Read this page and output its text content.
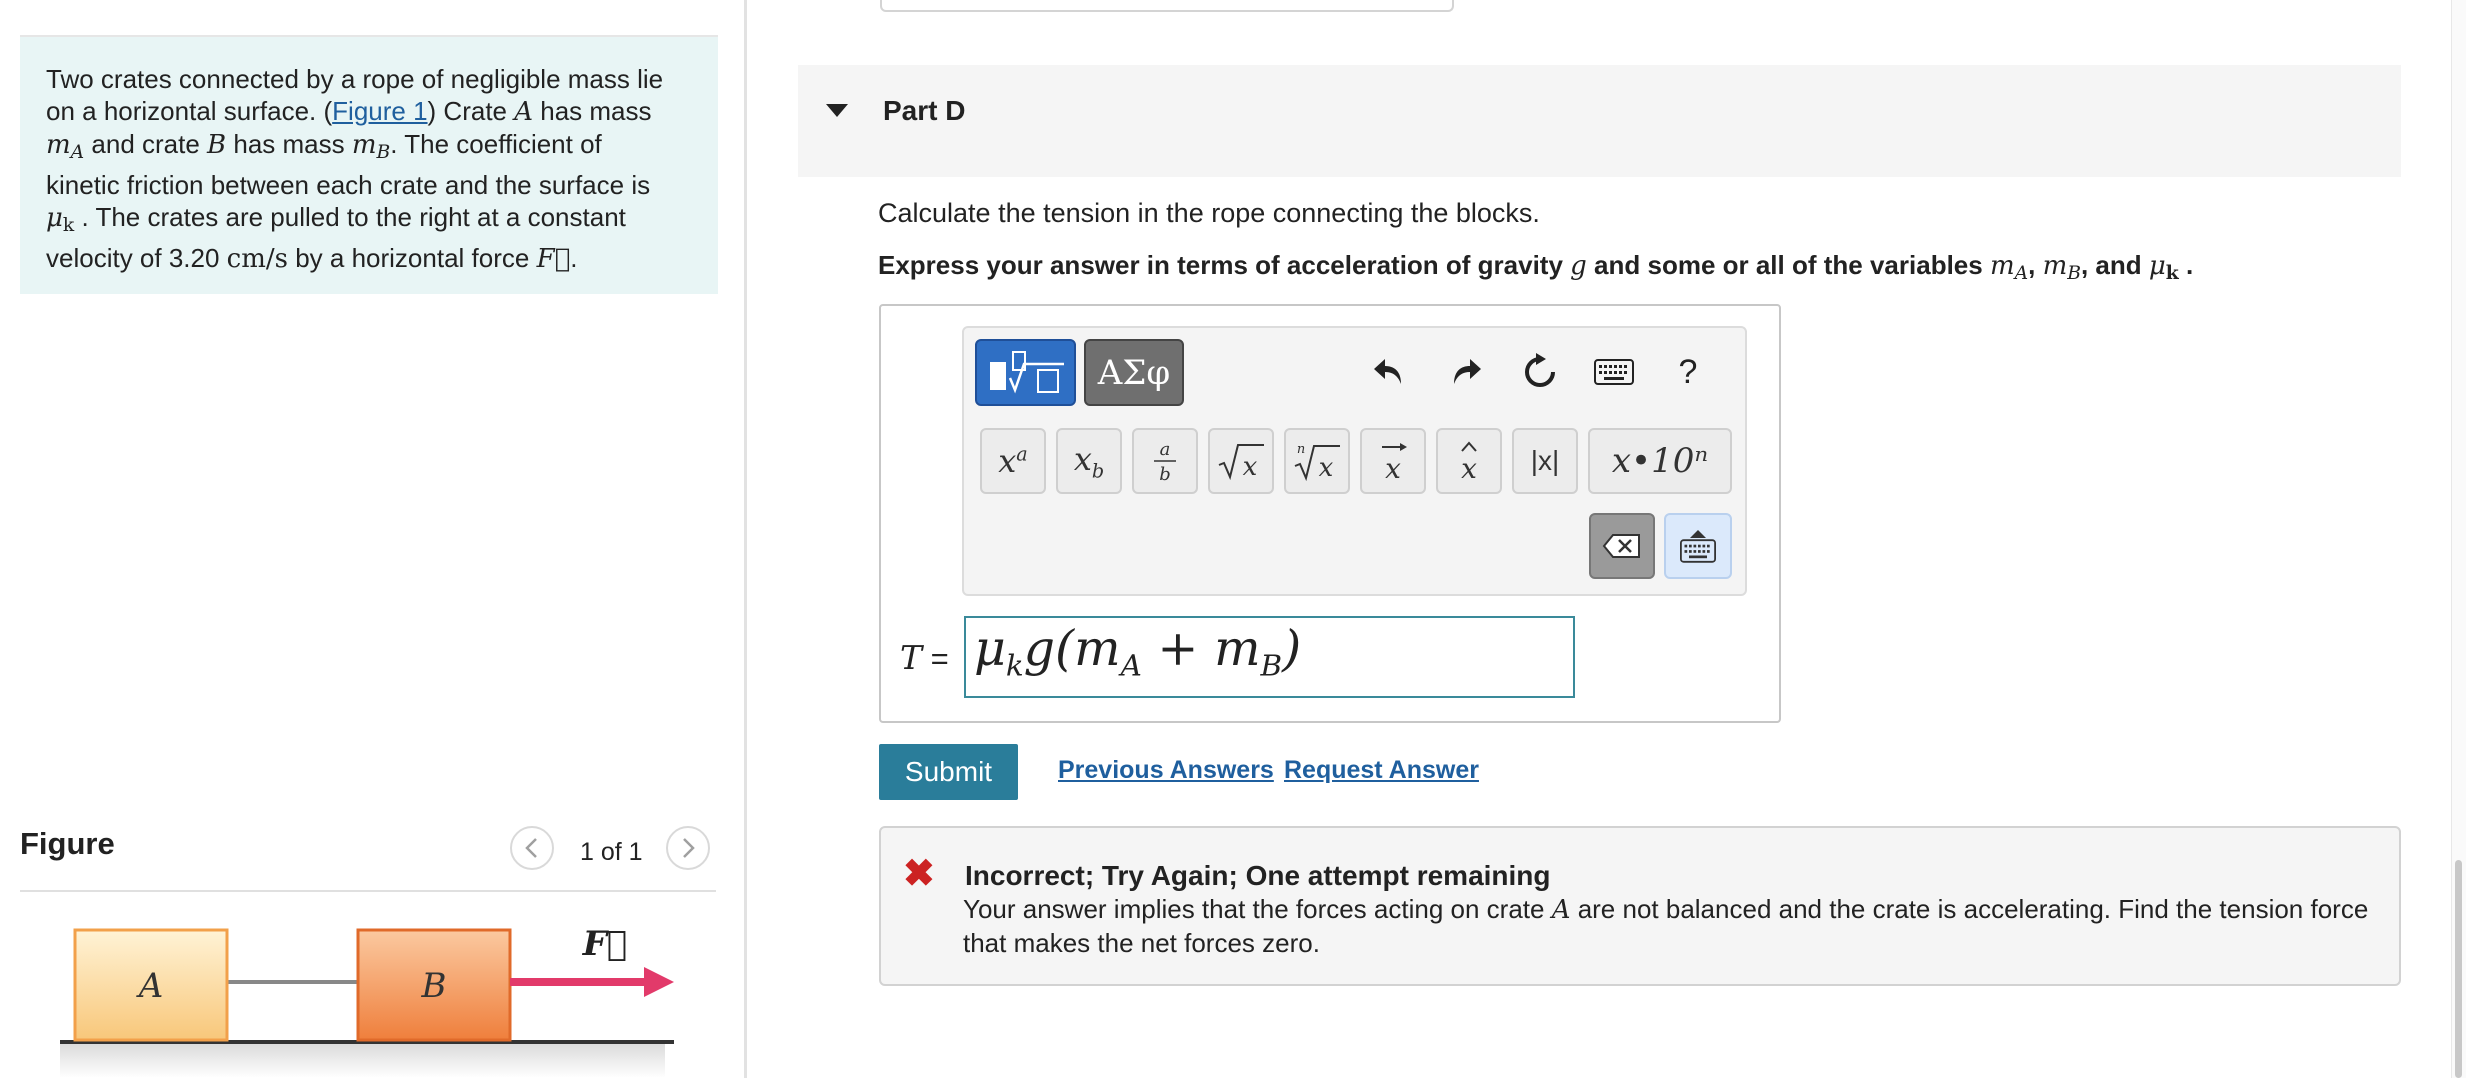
Two crates connected by a rope of negligible mass lie
on a horizontal surface. (Figure 1) Crate A has mass
$m_A$ and crate B has mass $m_B$. The coefficient of
kinetic friction between each crate and the surface is
$\mu_k$ . The crates are pulled to the right at a constant
velocity of 3.20 cm/s by a horizontal force F⃗.
Figure	1 of 1
A	B
F⃗
Part D
Calculate the tension in the rope connecting the blocks.
Express your answer in terms of acceleration of gravity g and some or all of the variables $m_A$, $m_B$, and $\mu_k$ .
ΑΣφ	?
$x^a$ $x_b$
a
b	x
n
x x x |x| x•10ⁿ
$T = \mu_kg(m_A + m_B)$
Submit	Previous Answers Request Answer
✖ Incorrect; Try Again; One attempt remaining
Your answer implies that the forces acting on crate A are not balanced and the crate is accelerating. Find the tension force that makes the net forces zero.
